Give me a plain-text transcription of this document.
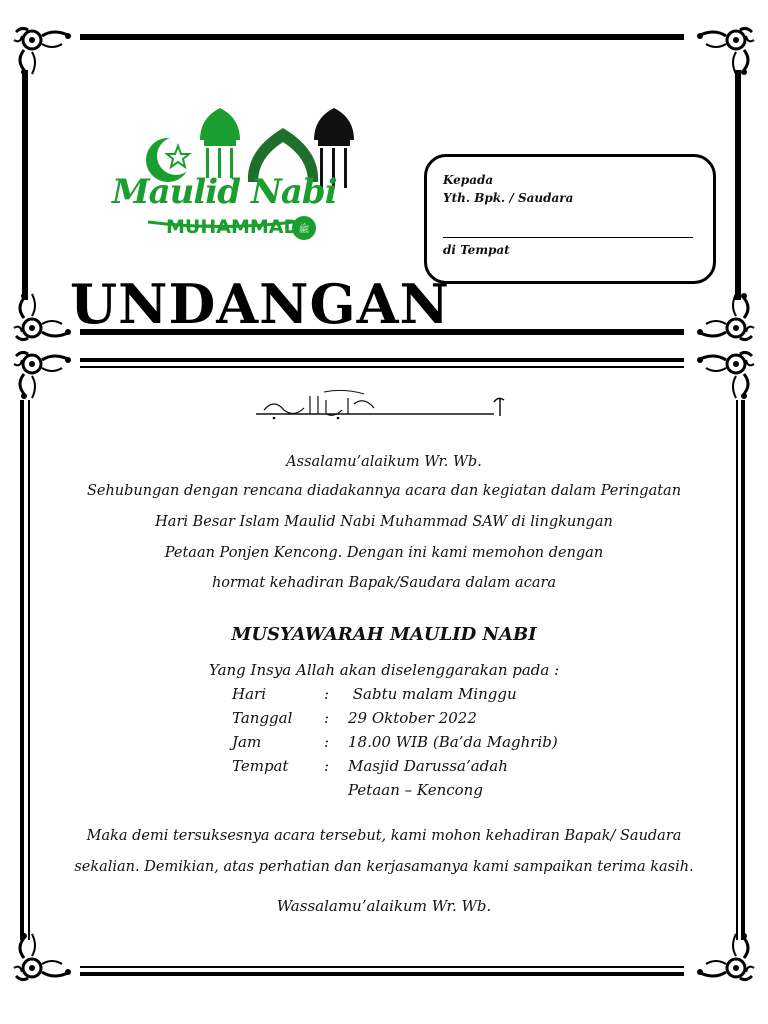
ﷺ
Maulid Nabi
MUHAMMAD
UNDANGAN
Kepada
Yth. Bpk. / Saudara
di Tempat
Assalamu’alaikum Wr. Wb.
Sehubungan dengan rencana diadakannya acara dan kegiatan dalam Peringatan
Hari Besar Islam Maulid Nabi Muhammad SAW di lingkungan
Petaan Ponjen Kencong. Dengan ini kami memohon dengan
hormat kehadiran Bapak/Saudara dalam acara
MUSYAWARAH MAULID NABI
Yang Insya Allah akan diselenggarakan pada :
Hari	: Sabtu malam Minggu
Tanggal	: 29 Oktober 2022
Jam	: 18.00 WIB (Ba’da Maghrib)
Tempat	: Masjid Darussa’adah
Petaan – Kencong
Maka demi tersuksesnya acara tersebut, kami mohon kehadiran Bapak/ Saudara
sekalian. Demikian, atas perhatian dan kerjasamanya kami sampaikan terima kasih.
Wassalamu’alaikum Wr. Wb.
